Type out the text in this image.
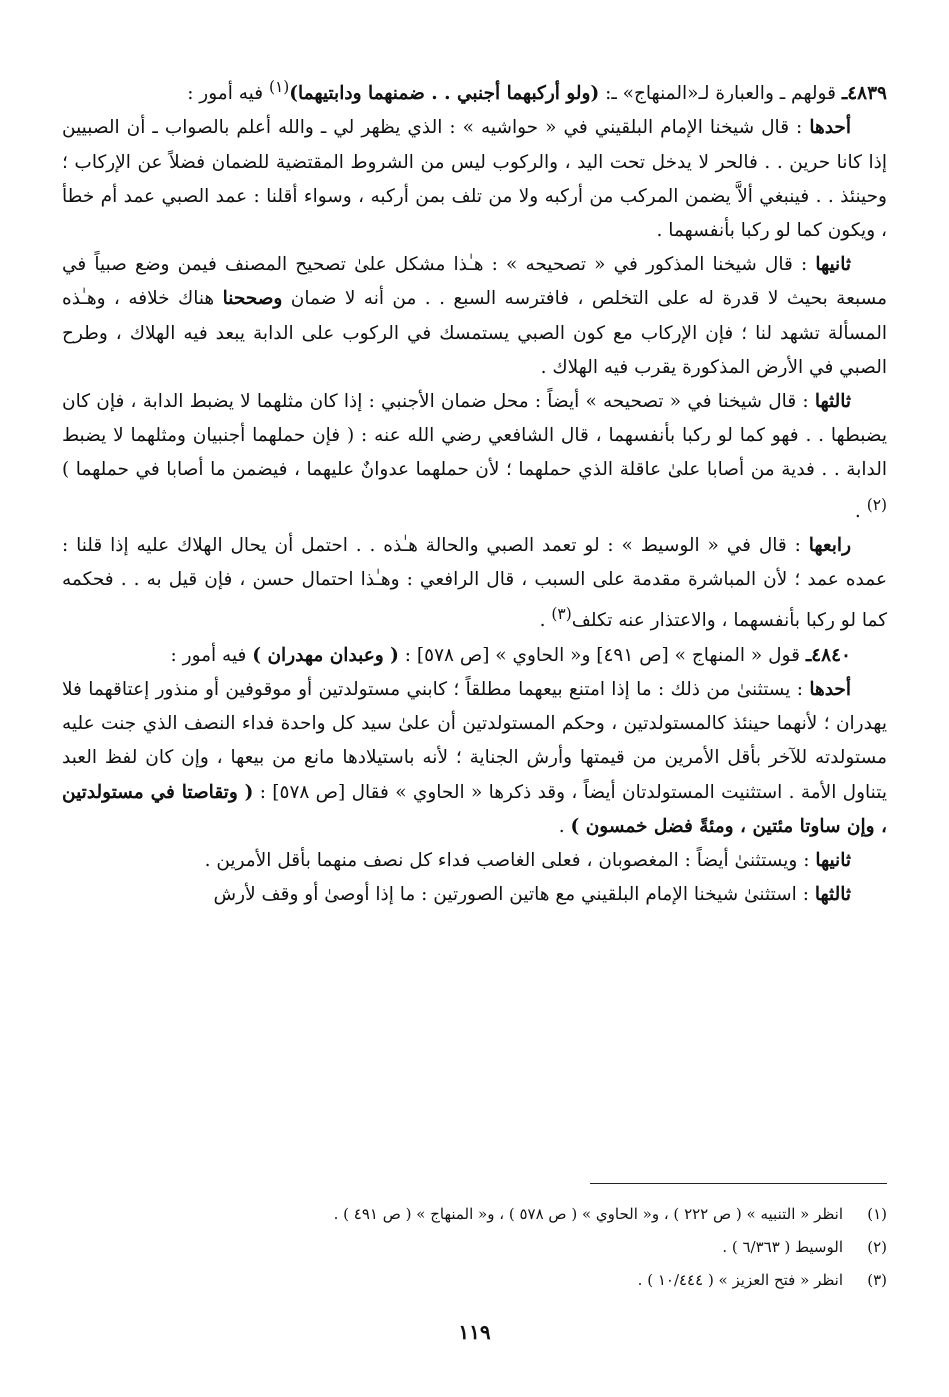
٤٨٣٩ـ قولهم ـ والعبارة لـ«المنهاج» ـ: (ولو أركبهما أجنبي . . ضمنهما ودابتيهما)$^{(١)}$ فيه أمور :

أحدها : قال شيخنا الإمام البلقيني في « حواشيه » : الذي يظهر لي ـ والله أعلم بالصواب ـ أن الصبيين إذا كانا حرين . . فالحر لا يدخل تحت اليد ، والركوب ليس من الشروط المقتضية للضمان فضلاً عن الإركاب ؛ وحينئذ . . فينبغي ألاَّ يضمن المركب من أركبه ولا من تلف بمن أركبه ، وسواء أقلنا : عمد الصبي عمد أم خطأ ، ويكون كما لو ركبا بأنفسهما .

ثانيها : قال شيخنا المذكور في « تصحيحه » : هـٰذا مشكل علىٰ تصحيح المصنف فيمن وضع صبياً في مسبعة بحيث لا قدرة له على التخلص ، فافترسه السبع . . من أنه لا ضمان وصححنا هناك خلافه ، وهـٰذه المسألة تشهد لنا ؛ فإن الإركاب مع كون الصبي يستمسك في الركوب على الدابة يبعد فيه الهلاك ، وطرح الصبي في الأرض المذكورة يقرب فيه الهلاك .

ثالثها : قال شيخنا في « تصحيحه » أيضاً : محل ضمان الأجنبي : إذا كان مثلهما لا يضبط الدابة ، فإن كان يضبطها . . فهو كما لو ركبا بأنفسهما ، قال الشافعي رضي الله عنه : ( فإن حملهما أجنبيان ومثلهما لا يضبط الدابة . . فدية من أصابا علىٰ عاقلة الذي حملهما ؛ لأن حملهما عدوانٌ عليهما ، فيضمن ما أصابا في حملهما )$^{(٢)}$ .

رابعها : قال في « الوسيط » : لو تعمد الصبي والحالة هـٰذه . . احتمل أن يحال الهلاك عليه إذا قلنا : عمده عمد ؛ لأن المباشرة مقدمة على السبب ، قال الرافعي : وهـٰذا احتمال حسن ، فإن قيل به . . فحكمه كما لو ركبا بأنفسهما ، والاعتذار عنه تكلف$^{(٣)}$ .

٤٨٤٠ـ قول « المنهاج » [ص ٤٩١] و« الحاوي » [ص ٥٧٨] : ( وعبدان مهدران ) فيه أمور :

أحدها : يستثنىٰ من ذلك : ما إذا امتنع بيعهما مطلقاً ؛ كابني مستولدتين أو موقوفين أو منذور إعتاقهما فلا يهدران ؛ لأنهما حينئذ كالمستولدتين ، وحكم المستولدتين أن علىٰ سيد كل واحدة فداء النصف الذي جنت عليه مستولدته للآخر بأقل الأمرين من قيمتها وأرش الجناية ؛ لأنه باستيلادها مانع من بيعها ، وإن كان لفظ العبد يتناول الأمة . استثنيت المستولدتان أيضاً ، وقد ذكرها « الحاوي » فقال [ص ٥٧٨] : ( وتقاصتا في مستولدتين ، وإن ساوتا مئتين ، ومئةً فضل خمسون ) .

ثانيها : ويستثنىٰ أيضاً : المغصوبان ، فعلى الغاصب فداء كل نصف منهما بأقل الأمرين .

ثالثها : استثنىٰ شيخنا الإمام البلقيني مع هاتين الصورتين : ما إذا أوصىٰ أو وقف لأرش

(١)انظر « التنبيه » ( ص ٢٢٢ ) ، و« الحاوي » ( ص ٥٧٨ ) ، و« المنهاج » ( ص ٤٩١ ) .
(٢)الوسيط ( ٦/٣٦٣ ) .
(٣)انظر « فتح العزيز » ( ١٠/٤٤٤ ) .
١١٩
